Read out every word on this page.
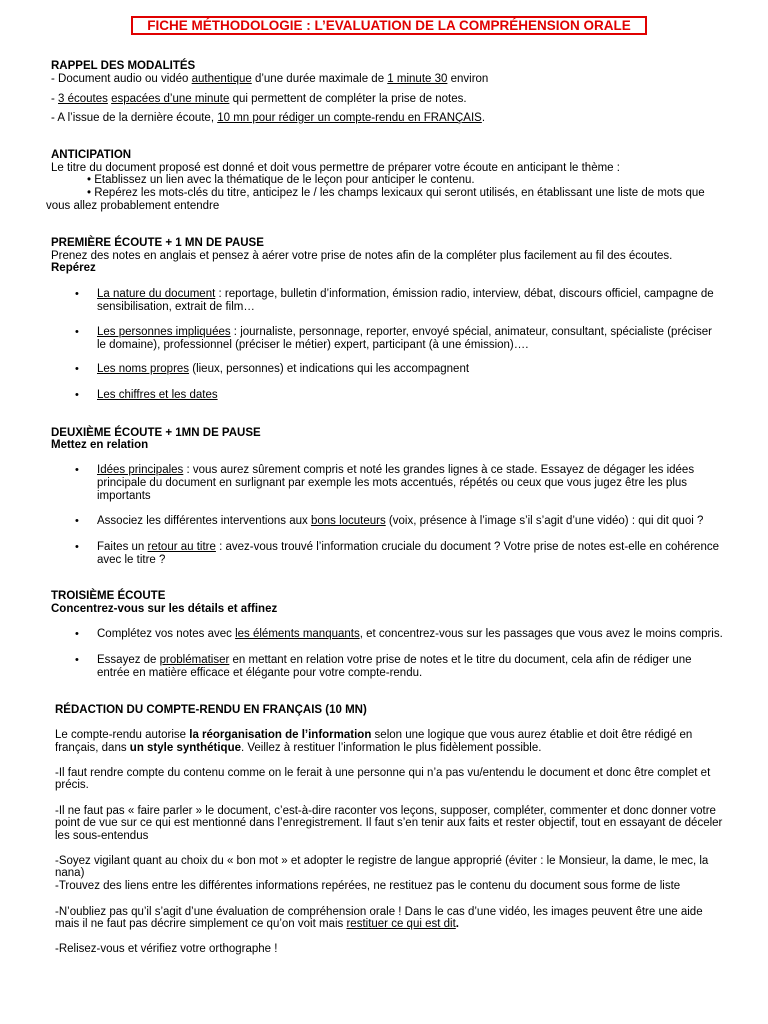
FICHE MÉTHODOLOGIE : L’EVALUATION DE LA COMPRÉHENSION ORALE
RAPPEL DES MODALITÉS
- Document audio ou vidéo authentique d’une durée maximale de 1 minute 30 environ
- 3 écoutes espacées d’une minute qui permettent de compléter la prise de notes.
- A l’issue de la dernière écoute, 10 mn pour rédiger un compte-rendu en FRANÇAIS.
ANTICIPATION
Le titre du document proposé est donné et doit vous permettre de préparer votre écoute en anticipant le thème :
• Etablissez un lien avec la thématique de le leçon pour anticiper le contenu.
• Repérez les mots-clés du titre, anticipez le / les champs lexicaux qui seront utilisés, en établissant une liste de mots que
vous allez probablement entendre
PREMIÈRE ÉCOUTE + 1 MN DE PAUSE
Prenez des notes en anglais et pensez à aérer votre prise de notes afin de la compléter plus facilement au fil des écoutes.
Repérez
• La nature du document : reportage, bulletin d’information, émission radio, interview, débat, discours officiel, campagne de
sensibilisation, extrait de film…
• Les personnes impliquées : journaliste, personnage, reporter, envoyé spécial, animateur, consultant, spécialiste (préciser
le domaine), professionnel (préciser le métier) expert, participant (à une émission)….
• Les noms propres (lieux, personnes) et indications qui les accompagnent
• Les chiffres et les dates
DEUXIÈME ÉCOUTE + 1MN DE PAUSE
Mettez en relation
• Idées principales : vous aurez sûrement compris et noté les grandes lignes à ce stade. Essayez de dégager les idées
principale du document en surlignant par exemple les mots accentués, répétés ou ceux que vous jugez être les plus
importants
• Associez les différentes interventions aux bons locuteurs (voix, présence à l’image s’il s’agit d’une vidéo) : qui dit quoi ?
• Faites un retour au titre : avez-vous trouvé l’information cruciale du document ? Votre prise de notes est-elle en cohérence
avec le titre ?
TROISIÈME ÉCOUTE
Concentrez-vous sur les détails et affinez
• Complétez vos notes avec les éléments manquants, et concentrez-vous sur les passages que vous avez le moins compris.
• Essayez de problématiser en mettant en relation votre prise de notes et le titre du document, cela afin de rédiger une
entrée en matière efficace et élégante pour votre compte-rendu.
RÉDACTION DU COMPTE-RENDU EN FRANÇAIS (10 MN)
Le compte-rendu autorise la réorganisation de l’information selon une logique que vous aurez établie et doit être rédigé en
français, dans un style synthétique. Veillez à restituer l’information le plus fidèlement possible.
-Il faut rendre compte du contenu comme on le ferait à une personne qui n’a pas vu/entendu le document et donc être complet et
précis.
-Il ne faut pas « faire parler » le document, c’est-à-dire raconter vos leçons, supposer, compléter, commenter et donc donner votre
point de vue sur ce qui est mentionné dans l’enregistrement. Il faut s’en tenir aux faits et rester objectif, tout en essayant de déceler
les sous-entendus
-Soyez vigilant quant au choix du « bon mot » et adopter le registre de langue approprié (éviter : le Monsieur, la dame, le mec, la
nana)
-Trouvez des liens entre les différentes informations repérées, ne restituez pas le contenu du document sous forme de liste
-N’oubliez pas qu’il s’agit d’une évaluation de compréhension orale ! Dans le cas d’une vidéo, les images peuvent être une aide
mais il ne faut pas décrire simplement ce qu’on voit mais restituer ce qui est dit.
-Relisez-vous et vérifiez votre orthographe !
